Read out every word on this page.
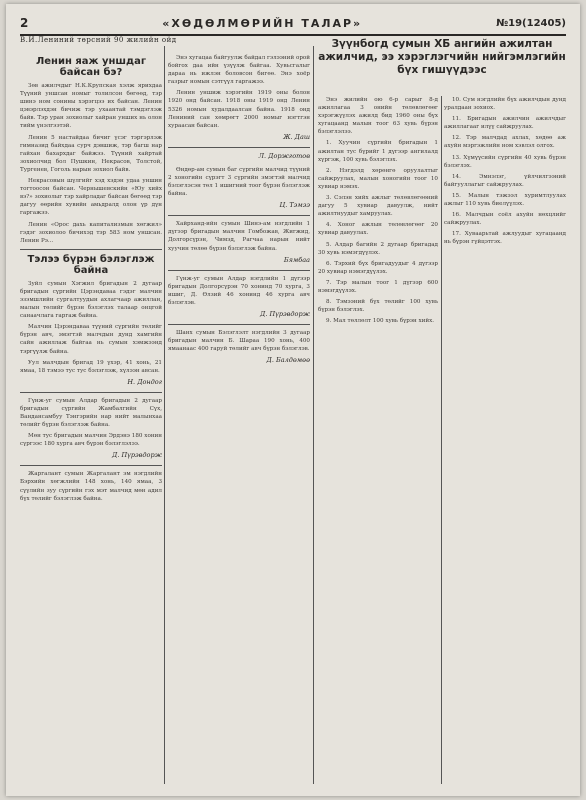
2	«ХӨДӨЛМӨРИЙН ТАЛАР»	№19(12405)
В.И.Лениний төрсний 90 жилийн ойд
Ленин яаж уншдаг байсан бэ?

Зөв ажилчдыг Н.К.Крупская хэлж ярихдаа Түүний уншсан номыг толилсон бөгөөд, тэр шинэ ном сонины хэрэгцээ их байсан. Ленин цэвэрлэхдэн бичиж тэр ухаантай тэмдэглэж байв. Тэр уран зохиолыг хайран унших нь олон тийм үнэлгээтэй.

Ленин 5 настайдаа бичиг үсэг тэргэрлэж гимназид байхдаа сурч дэвшиж, тэр багш нар гайхан бахархдаг байжээ. Түүний хайртай зохиолчид бол Пушкин, Некрасов, Толстой, Тургенев, Гоголь нарын зохиол байв.

Некрасовын шүлгийг хэд хэдэн удаа уншин тогтоосон байсан. Чернышевскийн «Юу хийх вэ?» зохиолыг тэр хайрладаг байсан бөгөөд тэр дагуу өөрийн хувийн амьдралд олон үр дүн гаргажээ.

Ленин «Орос дахь капитализмын хөгжил» гэдэг зохиолоо бичихэд тэр 583 ном уншсан. Ленин Рэ...

Тэлээ бүрэн бэлэглэж байна

Зуйл сумын Хэгжил бригадын 2 дугаар бригадын сүргийн Цэрэндаваа гэдэг малчин эзэмшлийн сургалтуудын ахлагчаар ажиллан, малын төлийг бүрэн бэлэглэх талаар онцгой санаачлага гаргаж байна.

Малчин Цэрэндаваа түүний сүргийн төлийг бүрэн авч, эмэгтэй малчдын дунд хамгийн сайн ажиллаж байгаа нь сумын хэмжээнд тэргүүлж байна.

Уул малчдын бригад 19 үхэр, 41 хонь, 21 ямаа, 18 тэмээ тус тус бэлэглэж, хүлээн авсан.

Н. Дондог

Гүнж-уг сумын Алдар бригадын 2 дугаар бригадын сүргийн Жамбалгийн Сүх, Вандансамбуу Тэнгэрийн нар нийт малынхаа төлийг бүрэн бэлэглэж байна.

Мөн тус бригадын малчин Эрдэнэ 180 хонин сүргээс 180 хурга авч бүрэн бэлэглэлээ.

Д. Пүрэвдорж

Жаргалант сумын Жаргалант эм нэгдлийн Бэрхийн хөгжлийн 148 хонь, 140 ямаа, 3 сүүлийн зуу сүргийн гэх мэт малчид мөн адил бүх төлийг бэлэглэж байна.

Энэ хугацаа байгуулж байдал гэлээний орой бойгох даа ийн үзүүлж байгаа. Хувьсгалыг дараа нь ижлэн боловсон бигөө. Энэ хоёр газрыг номын сэтгүүл гаргажээ.

Ленин уншиж хэрэгийн 1919 оны болон 1920 онд байсан. 1918 оны 1919 онд Ленин 5326 номын худалдаалсан байна. 1918 онд Лениний сан хөмрөгт 2000 номыг нэгтгэн хураасан байсан.

Ж. Даш
Л. Доржготов

Өндөр-ам сумын баг сүргийн малчид түүний 2 хоногийн сүрэгт 3 сүргийн эмэгтэй малчид бэлэглэсэн төл 1 ишигний тоог бүрэн бэлэглэж байна.

Ц. Тэмээ

Хайрханд-ийн сумын Шинэ-ам нэгдлийн 1 дүгээр бригадын малчин Гомбожав, Жигжид, Долгорсүрэн, Чимэд, Рагчаа нарын нийт хуучин төлөө бүрэн бэлэглэж байна.

Бямбаа

Гүнж-уг сумын Алдар нэгдлийн 1 дүгээр бригадын Долгорсүрэн 70 хонинд 70 хурга, 3 ишиг, Д. Өлзий 46 хонинд 46 хурга авч бэлэглэв.

Д. Пүрэвдорж

Шанх сумын Бэлэглэлт нэгдлийн 3 дугаар бригадын малчин Б. Шараа 190 хонь, 400 ямаанаас 400 гаруй төлийг авч бүрэн бэлэглэв.

Д. Балдөмөө
Зүүнбогд сумын ХБ ангийн ажилтан ажилчид, ээ хэрэглэгчийн нийгэмлэгийн бүх гишүүдээс

Энэ жилийн ою 6-р сарыг 8-д ажиллагаа 3 онийн төлөвлөгөөг хэрэгжүүлэх ажилд бид 1960 оны бүх хугацаанд малын тоог 63 хувь бүрэн бэлэглэлээ.

1. Хуучин сүргийн бригадын 1 ажилтан тус бүрийг 1 дүгээр ангилалд хүргэж, 100 хувь бэлэглэх.

2. Нэгдэлд хөрөнгө оруулалтыг сайжруулах, малын хоногийн тоог 10 хувиар нэмэх.

3. Сэлэн хийх ажлыг төлөвлөгөөний дагуу 5 хувиар давуулж, нийт ажилтнуудыг хамруулах.

4. Хоног ажлын төлөвлөгөөг 20 хувиар давуулах.

5. Алдар багийн 2 дугаар бригадад 30 хувь нэмэгдүүлэх.

6. Тэрхий бүх бригадуудыг 4 дүгээр 20 хувиар нэмэгдүүлэх.

7. Тэр малын тоог 1 дүгээр 600 нэмэгдүүлэх.

8. Тэмээний бүх төлийг 100 хувь бүрэн бэлэглэх.

9. Мал төллөлт 100 хувь бүрэн хийх.

10. Сум нэгдлийн бүх ажилчдын дунд уралдаан зохиох.

11. Бригадын ажилчин ажилчдыг ажиллагааг илүү сайжруулах.

12. Тэр малчдад ахлах, хөдөө аж ахуйн мэргэжлийн ном хэвлэл олгох.

13. Хүмүүсийн сүргийн 40 хувь бүрэн бэлэглэх.

14. Эмнэлэг, үйлчилгээний байгууллагыг сайжруулах.

15. Малын тэжээл хуримтлуулах ажлыг 110 хувь биелүүлэх.

16. Малчдын соёл ахуйн нөхцлийг сайжруулах.

17. Хуваарьтай ажлуудыг хугацаанд нь бүрэн гүйцэтгэх.
